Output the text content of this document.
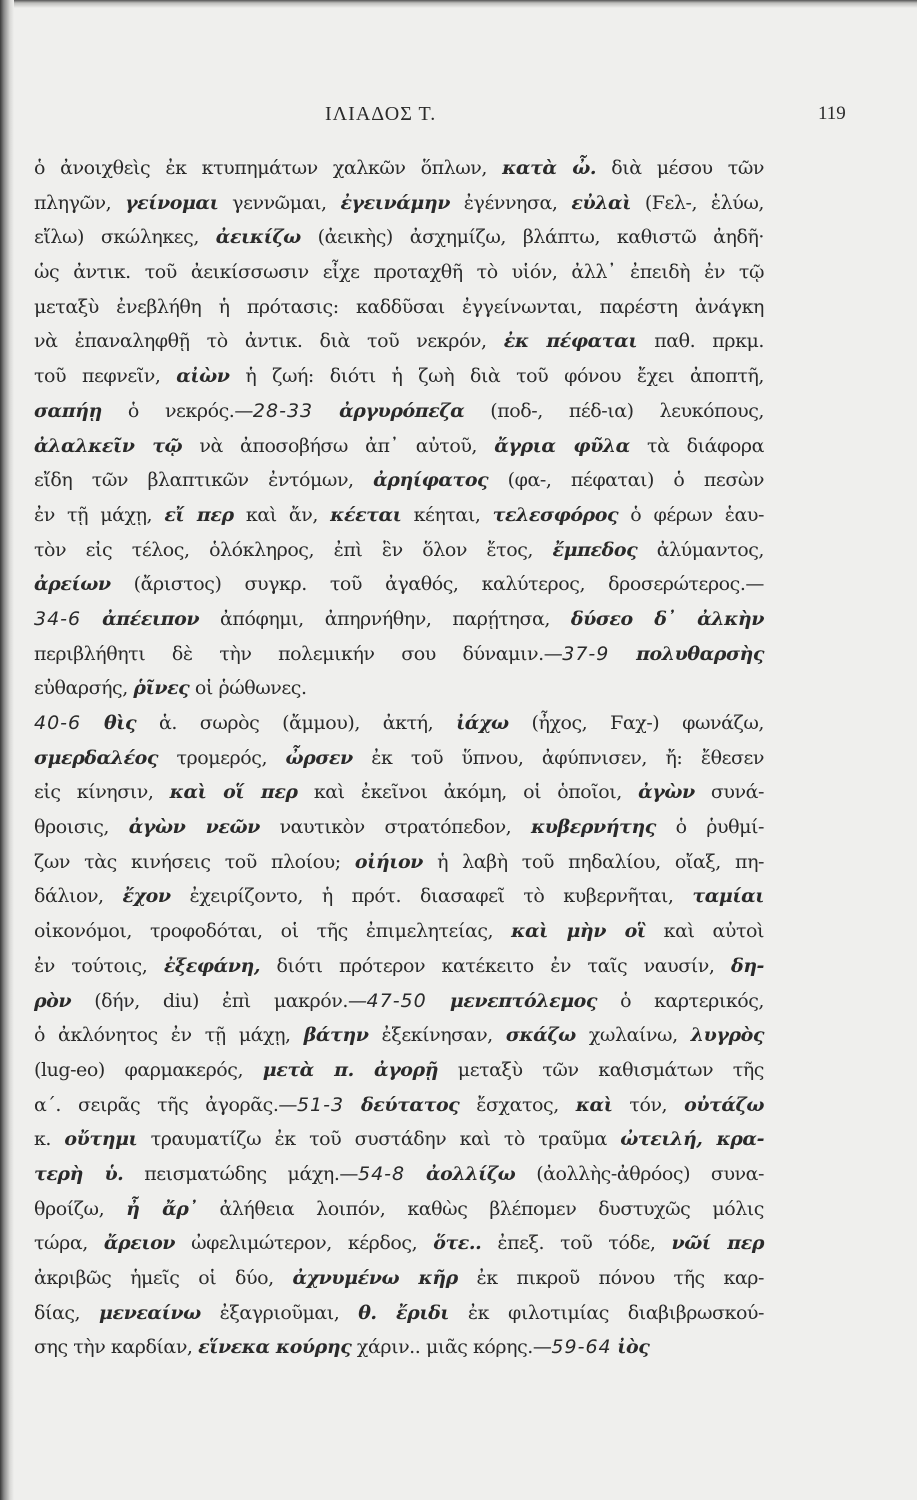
ΙΛΙΑΔΟΣ Τ.	119
ὁ ἀνοιχθεὶς ἐκ κτυπημάτων χαλκῶν ὅπλων, κατὰ ὦ. διὰ μέσου τῶν
πληγῶν, γείνομαι γεννῶμαι, ἐγεινάμην ἐγέννησα, εὐλαὶ (Ϝελ-, ἑλύω,
εἴλω) σκώληκες, ἀεικίζω (ἀεικὴς) ἀσχημίζω, βλάπτω, καθιστῶ ἀηδῆ·
ὡς ἀντικ. τοῦ ἀεικίσσωσιν εἶχε προταχθῆ τὸ υἱόν, ἀλλ᾽ ἐπειδὴ ἐν τῷ
μεταξὺ ἐνεβλήθη ἡ πρότασις: καδδῦσαι ἐγγείνωνται, παρέστη ἀνάγκη
νὰ ἐπαναληφθῇ τὸ ἀντικ. διὰ τοῦ νεκρόν, ἐκ πέφαται παθ. πρκμ.
τοῦ πεφνεῖν, αἰὼν ἡ ζωή: διότι ἡ ζωὴ διὰ τοῦ φόνου ἔχει ἀποπτῆ,
σαπήῃ ὁ νεκρός.—28-33 ἀργυρόπεζα (ποδ-, πέδ-ια) λευκόπους,
ἀλαλκεῖν τῷ νὰ ἀποσοβήσω ἀπ᾽ αὐτοῦ, ἄγρια φῦλα τὰ διάφορα
εἴδη τῶν βλαπτικῶν ἐντόμων, ἀρηίφατος (φα-, πέφαται) ὁ πεσὼν
ἐν τῇ μάχῃ, εἴ περ καὶ ἄν, κέεται κέηται, τελεσφόρος ὁ φέρων ἑαυ-
τὸν εἰς τέλος, ὁλόκληρος, ἐπὶ ἓν ὅλον ἔτος, ἔμπεδος ἀλύμαντος,
ἀρείων (ἄριστος) συγκρ. τοῦ ἀγαθός, καλύτερος, δροσερώτερος.—
34-6 ἀπέειπον ἀπόφημι, ἀπηρνήθην, παρῄτησα, δύσεο δ᾽ ἀλκὴν
περιβλήθητι δὲ τὴν πολεμικήν σου δύναμιν.—37-9 πολυθαρσὴς
εὐθαρσής, ῥῖνες οἱ ῥώθωνες.
40-6 θὶς ἁ. σωρὸς (ἄμμου), ἀκτή, ἰάχω (ἦχος, Ϝαχ-) φωνάζω,
σμερδαλέος τρομερός, ὦρσεν ἐκ τοῦ ὕπνου, ἀφύπνισεν, ἤ: ἔθεσεν
εἰς κίνησιν, καὶ οἵ περ καὶ ἐκεῖνοι ἀκόμη, οἱ ὁποῖοι, ἀγὼν συνά-
θροισις, ἀγὼν νεῶν ναυτικὸν στρατόπεδον, κυβερνήτης ὁ ῥυθμί-
ζων τὰς κινήσεις τοῦ πλοίου; οἰήιον ἡ λαβὴ τοῦ πηδαλίου, οἴαξ, πη-
δάλιον, ἔχον ἐχειρίζοντο, ἡ πρότ. διασαφεῖ τὸ κυβερνῆται, ταμίαι
οἰκονόμοι, τροφοδόται, οἱ τῆς ἐπιμελητείας, καὶ μὴν οἳ καὶ αὐτοὶ
ἐν τούτοις, ἐξεφάνη, διότι πρότερον κατέκειτο ἐν ταῖς ναυσίν, δη-
ρὸν (δήν, diu) ἐπὶ μακρόν.—47-50 μενεπτόλεμος ὁ καρτερικός,
ὁ ἀκλόνητος ἐν τῇ μάχῃ, βάτην ἐξεκίνησαν, σκάζω χωλαίνω, λυγρὸς
(lug-eo) φαρμακερός, μετὰ π. ἀγορῇ μεταξὺ τῶν καθισμάτων τῆς
α΄. σειρᾶς τῆς ἀγορᾶς.—51-3 δεύτατος ἔσχατος, καὶ τόν, οὐτάζω
κ. οὔτημι τραυματίζω ἐκ τοῦ συστάδην καὶ τὸ τραῦμα ὠτειλή, κρα-
τερὴ ὑ. πεισματώδης μάχη.—54-8 ἀολλίζω (ἀολλὴς-ἀθρόος) συνα-
θροίζω, ἦ ἄρ᾽ ἀλήθεια λοιπόν, καθὼς βλέπομεν δυστυχῶς μόλις
τώρα, ἄρειον ὠφελιμώτερον, κέρδος, ὅτε.. ἐπεξ. τοῦ τόδε, νῶί περ
ἀκριβῶς ἡμεῖς οἱ δύο, ἀχνυμένω κῆρ ἐκ πικροῦ πόνου τῆς καρ-
δίας, μενεαίνω ἐξαγριοῦμαι, θ. ἔριδι ἐκ φιλοτιμίας διαβιβρωσκού-
σης τὴν καρδίαν, εἵνεκα κούρης χάριν.. μιᾶς κόρης.—59-64 ἰὸς
